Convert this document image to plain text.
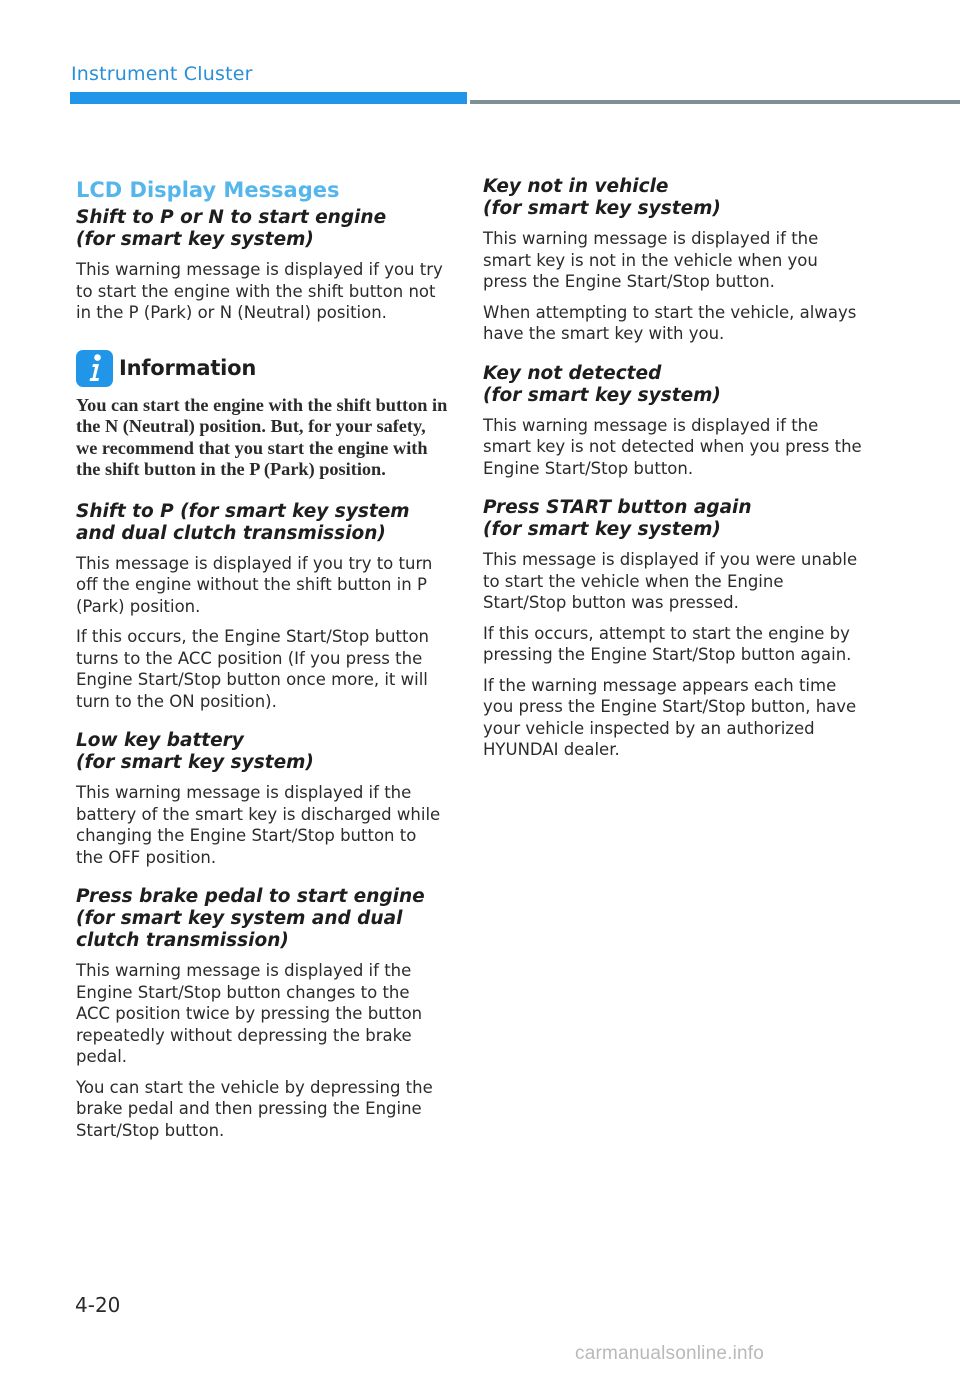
Instrument Cluster
LCD Display Messages
Shift to P or N to start engine
(for smart key system)

This warning message is displayed if you try to start the engine with the shift button not in the P (Park) or N (Neutral) position.

Information

You can start the engine with the shift button in the N (Neutral) position. But, for your safety, we recommend that you start the engine with the shift button in the P (Park) position.

Shift to P (for smart key system and dual clutch transmission)

This message is displayed if you try to turn off the engine without the shift button in P (Park) position.

If this occurs, the Engine Start/Stop button turns to the ACC position (If you press the Engine Start/Stop button once more, it will turn to the ON position).

Low key battery
(for smart key system)

This warning message is displayed if the battery of the smart key is discharged while changing the Engine Start/Stop button to the OFF position.

Press brake pedal to start engine (for smart key system and dual clutch transmission)

This warning message is displayed if the Engine Start/Stop button changes to the ACC position twice by pressing the button repeatedly without depressing the brake pedal.

You can start the vehicle by depressing the brake pedal and then pressing the Engine Start/Stop button.

Key not in vehicle
(for smart key system)

This warning message is displayed if the smart key is not in the vehicle when you press the Engine Start/Stop button.

When attempting to start the vehicle, always have the smart key with you.

Key not detected
(for smart key system)

This warning message is displayed if the smart key is not detected when you press the Engine Start/Stop button.

Press START button again
(for smart key system)

This message is displayed if you were unable to start the vehicle when the Engine Start/Stop button was pressed.

If this occurs, attempt to start the engine by pressing the Engine Start/Stop button again.

If the warning message appears each time you press the Engine Start/Stop button, have your vehicle inspected by an authorized HYUNDAI dealer.

4-20
carmanualsonline.info
